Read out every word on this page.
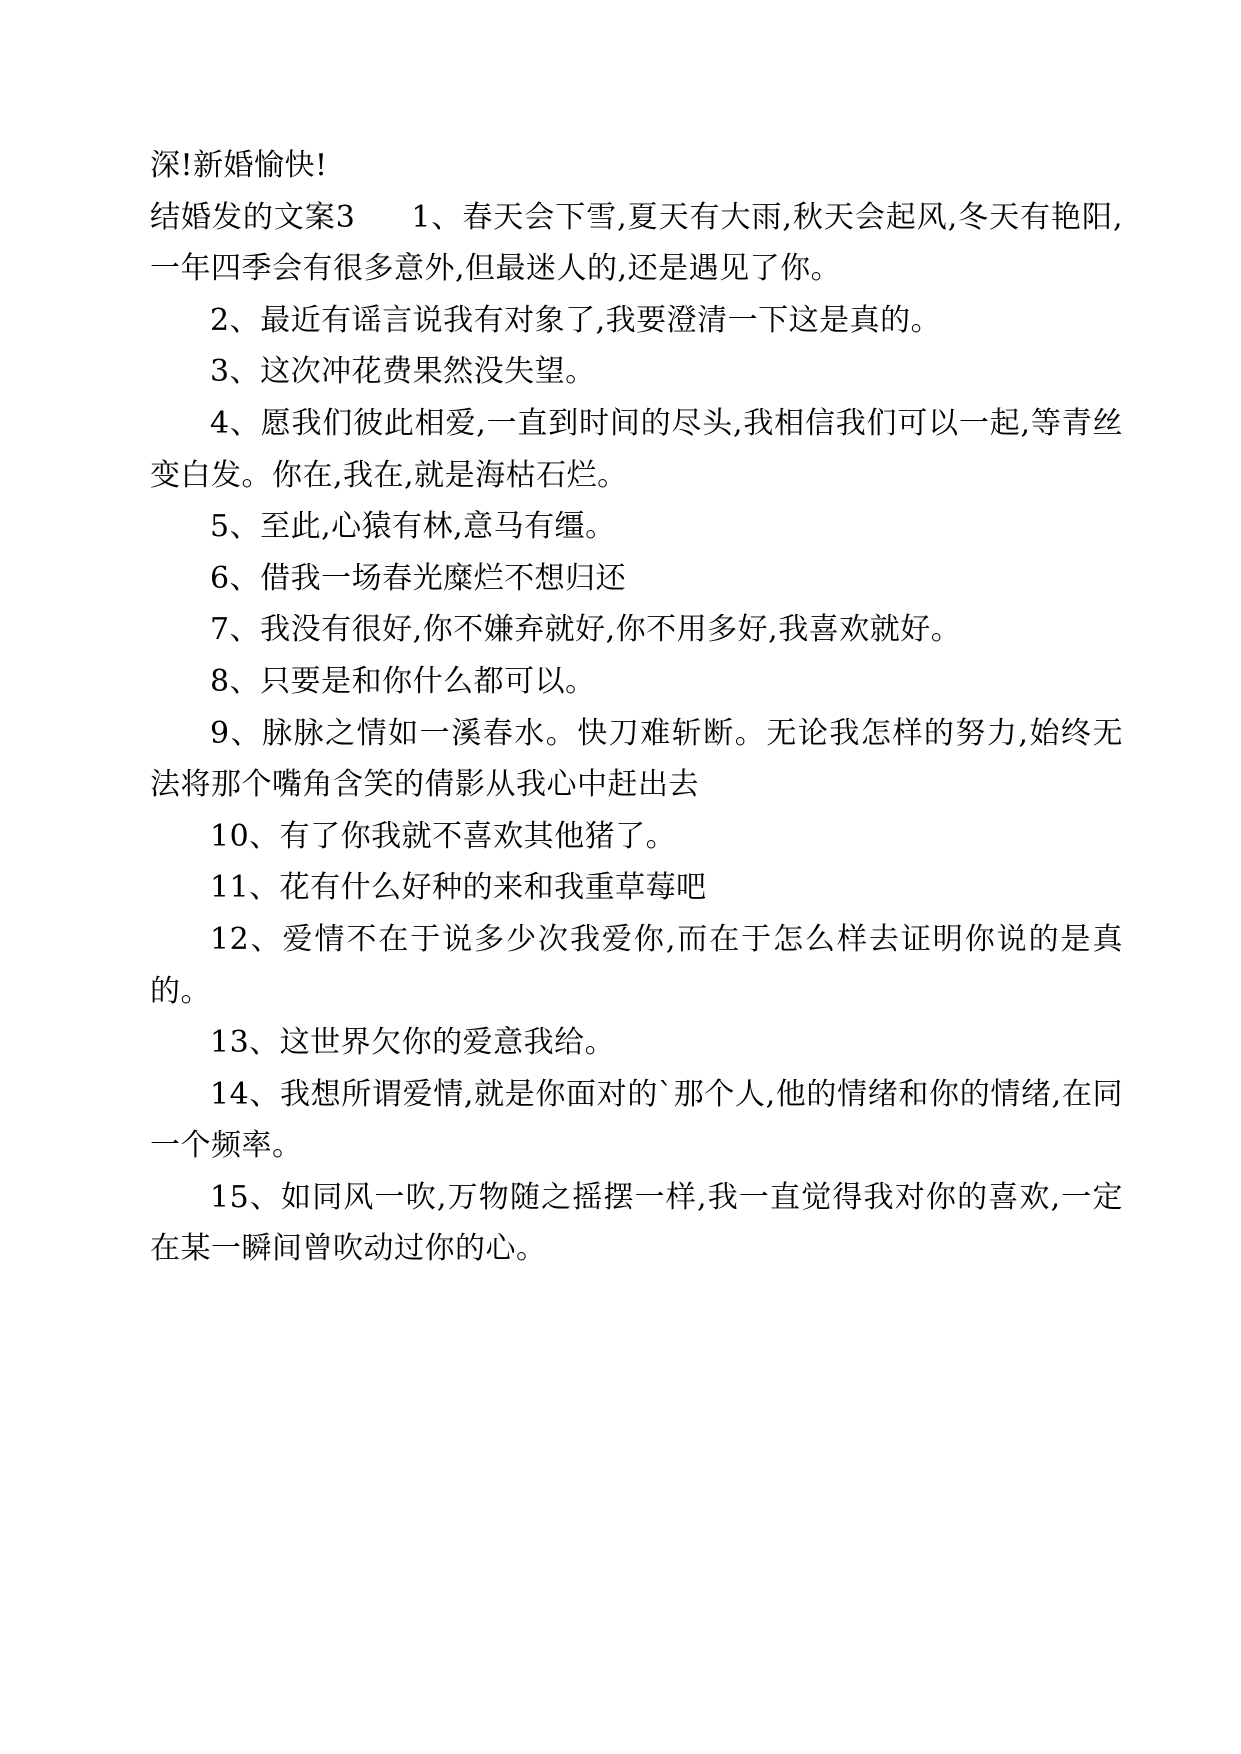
深!新婚愉快!

结婚发的文案3 1、春天会下雪,夏天有大雨,秋天会起风,冬天有艳阳,一年四季会有很多意外,但最迷人的,还是遇见了你。

2、最近有谣言说我有对象了,我要澄清一下这是真的。

3、这次冲花费果然没失望。

4、愿我们彼此相爱,一直到时间的尽头,我相信我们可以一起,等青丝变白发。你在,我在,就是海枯石烂。

5、至此,心猿有林,意马有缰。

6、借我一场春光糜烂不想归还

7、我没有很好,你不嫌弃就好,你不用多好,我喜欢就好。

8、只要是和你什么都可以。

9、脉脉之情如一溪春水。快刀难斩断。无论我怎样的努力,始终无法将那个嘴角含笑的倩影从我心中赶出去

10、有了你我就不喜欢其他猪了。

11、花有什么好种的来和我重草莓吧

12、爱情不在于说多少次我爱你,而在于怎么样去证明你说的是真的。

13、这世界欠你的爱意我给。

14、我想所谓爱情,就是你面对的`那个人,他的情绪和你的情绪,在同一个频率。

15、如同风一吹,万物随之摇摆一样,我一直觉得我对你的喜欢,一定在某一瞬间曾吹动过你的心。
